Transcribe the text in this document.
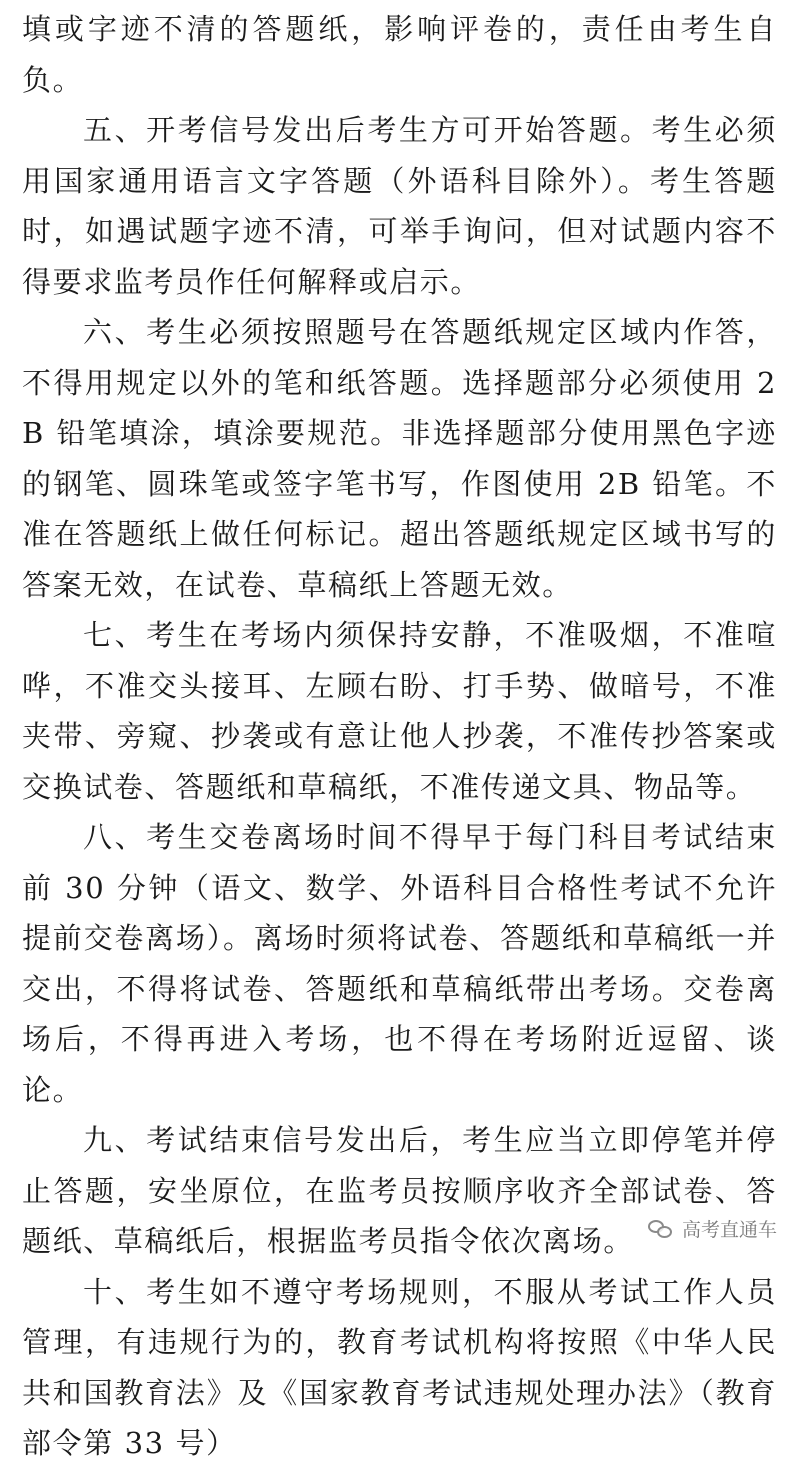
填或字迹不清的答题纸，影响评卷的，责任由考生自负。

五、开考信号发出后考生方可开始答题。考生必须用国家通用语言文字答题（外语科目除外）。考生答题时，如遇试题字迹不清，可举手询问，但对试题内容不得要求监考员作任何解释或启示。

六、考生必须按照题号在答题纸规定区域内作答，不得用规定以外的笔和纸答题。选择题部分必须使用 2B 铅笔填涂，填涂要规范。非选择题部分使用黑色字迹的钢笔、圆珠笔或签字笔书写，作图使用 2B 铅笔。不准在答题纸上做任何标记。超出答题纸规定区域书写的答案无效，在试卷、草稿纸上答题无效。

七、考生在考场内须保持安静，不准吸烟，不准喧哗，不准交头接耳、左顾右盼、打手势、做暗号，不准夹带、旁窥、抄袭或有意让他人抄袭，不准传抄答案或交换试卷、答题纸和草稿纸，不准传递文具、物品等。

八、考生交卷离场时间不得早于每门科目考试结束前 30 分钟（语文、数学、外语科目合格性考试不允许提前交卷离场）。离场时须将试卷、答题纸和草稿纸一并交出，不得将试卷、答题纸和草稿纸带出考场。交卷离场后，不得再进入考场，也不得在考场附近逗留、谈论。

九、考试结束信号发出后，考生应当立即停笔并停止答题，安坐原位，在监考员按顺序收齐全部试卷、答题纸、草稿纸后，根据监考员指令依次离场。

十、考生如不遵守考场规则，不服从考试工作人员管理，有违规行为的，教育考试机构将按照《中华人民共和国教育法》及《国家教育考试违规处理办法》（教育部令第 33 号）

高考直通车
